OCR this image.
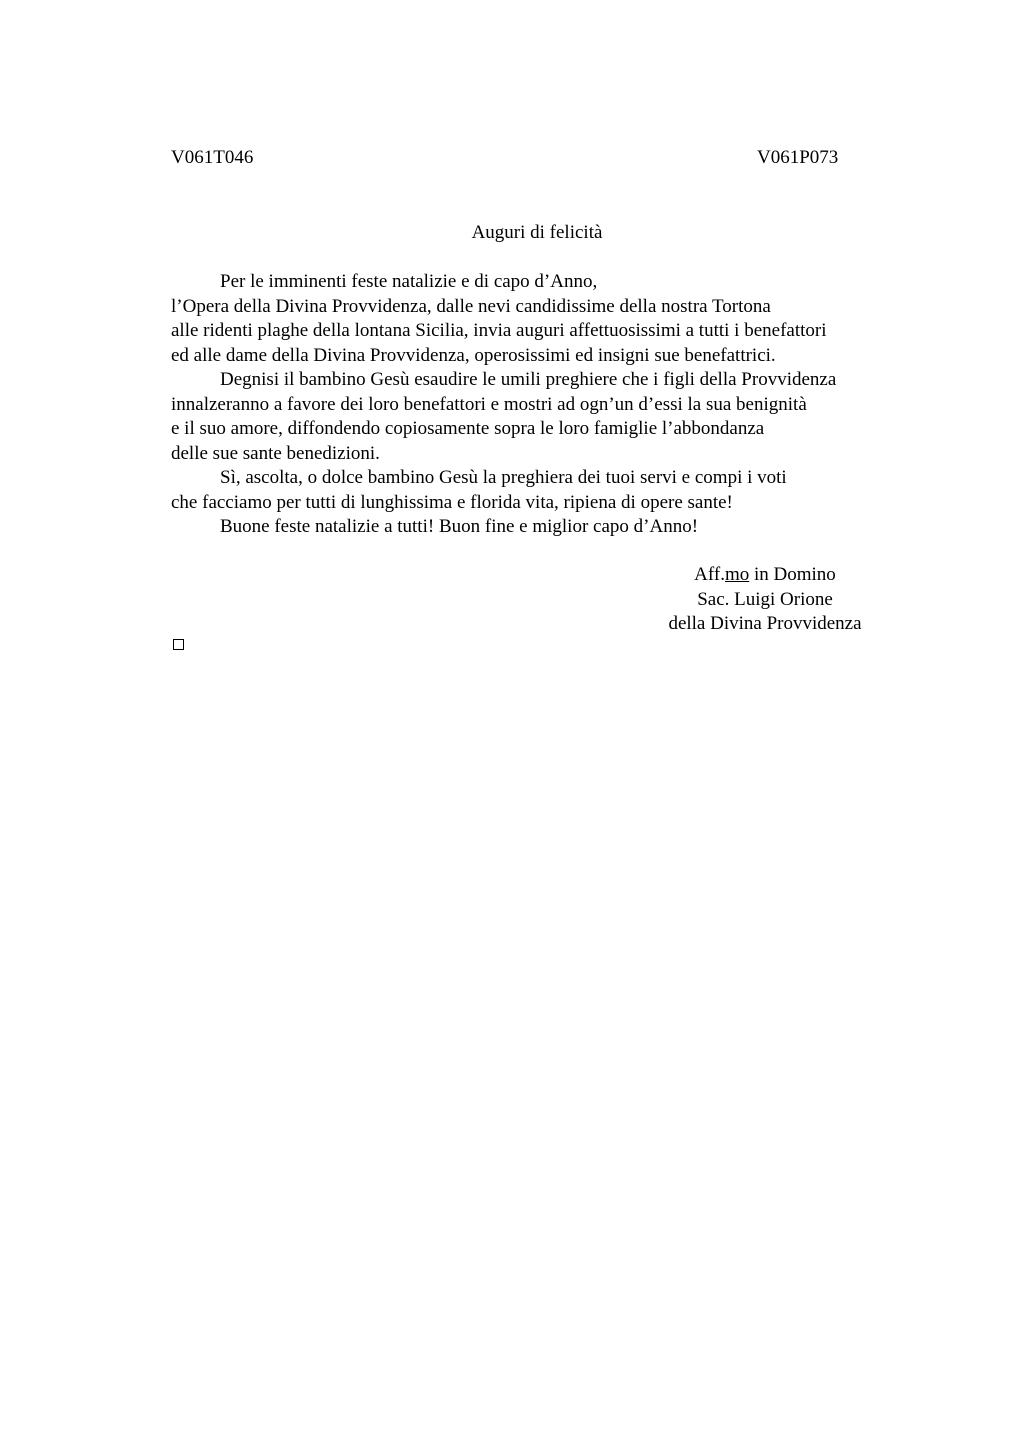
V061T046	V061P073
Auguri di felicità
Per le imminenti feste natalizie e di capo d’Anno,
l’Opera della Divina Provvidenza, dalle nevi candidissime della nostra Tortona
alle ridenti plaghe della lontana Sicilia, invia auguri affettuosissimi a tutti i benefattori
ed alle dame della Divina Provvidenza, operosissimi ed insigni sue benefattrici.
Degnisi il bambino Gesù esaudire le umili preghiere che i figli della Provvidenza
innalzeranno a favore dei loro benefattori e mostri ad ogn’un d’essi la sua benignità
e il suo amore, diffondendo copiosamente sopra le loro famiglie l’abbondanza
delle sue sante benedizioni.
Sì, ascolta, o dolce bambino Gesù la preghiera dei tuoi servi e compi i voti
che facciamo per tutti di lunghissima e florida vita, ripiena di opere sante!
Buone feste natalizie a tutti! Buon fine e miglior capo d’Anno!
Aff.mo in Domino
Sac. Luigi Orione
della Divina Provvidenza
